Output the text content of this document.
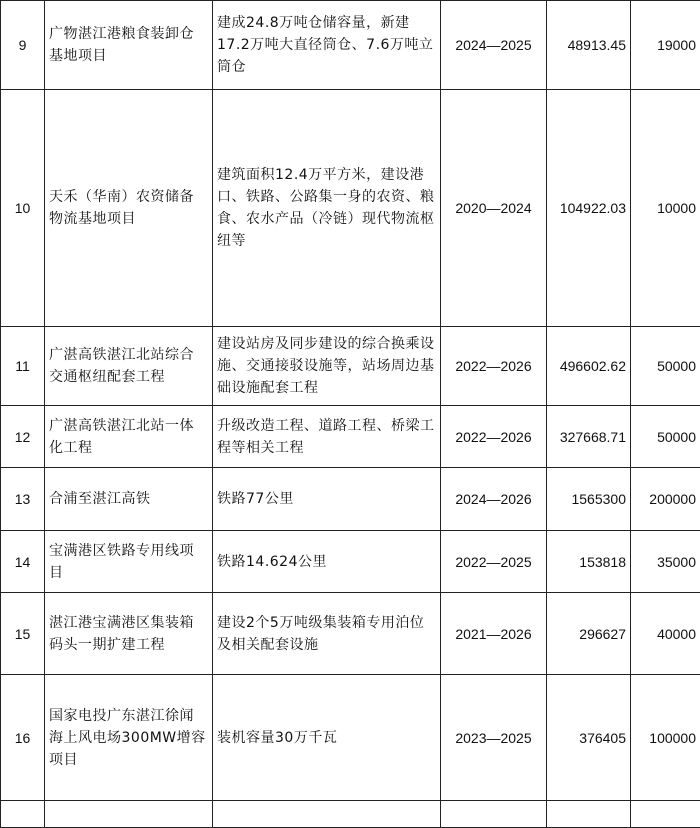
9	广物湛江港粮食装卸仓基地项目	建成24.8万吨仓储容量，新建17.2万吨大直径筒仓、7.6万吨立筒仓	2024—2025	48913.45	19000
10	天禾（华南）农资储备物流基地项目	建筑面积12.4万平方米，建设港口、铁路、公路集一身的农资、粮食、农水产品（冷链）现代物流枢纽等	2020—2024	104922.03	10000
11	广湛高铁湛江北站综合交通枢纽配套工程	建设站房及同步建设的综合换乘设施、交通接驳设施等，站场周边基础设施配套工程	2022—2026	496602.62	50000
12	广湛高铁湛江北站一体化工程	升级改造工程、道路工程、桥梁工程等相关工程	2022—2026	327668.71	50000
13	合浦至湛江高铁	铁路77公里	2024—2026	1565300	200000
14	宝满港区铁路专用线项目	铁路14.624公里	2022—2025	153818	35000
15	湛江港宝满港区集装箱码头一期扩建工程	建设2个5万吨级集装箱专用泊位及相关配套设施	2021—2026	296627	40000
16	国家电投广东湛江徐闻海上风电场300MW增容项目	装机容量30万千瓦	2023—2025	376405	100000
